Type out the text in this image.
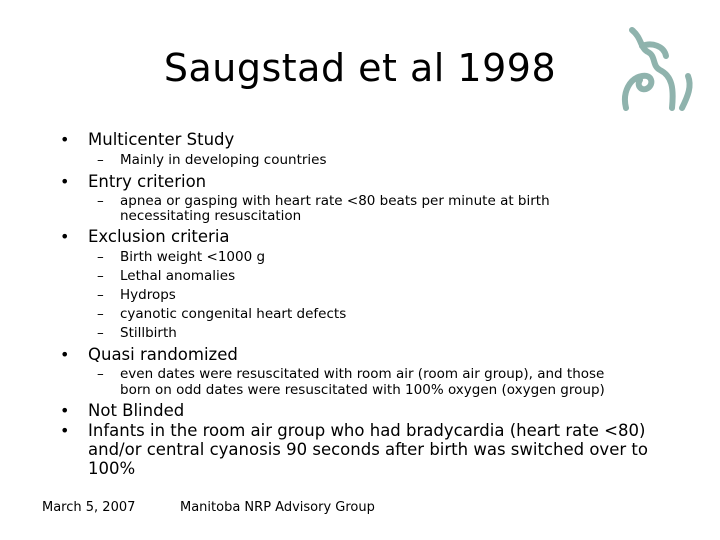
Saugstad et al 1998
• Multicenter Study
– Mainly in developing countries
• Entry criterion
– apnea or gasping with heart rate <80 beats per minute at birth
necessitating resuscitation
• Exclusion criteria
– Birth weight <1000 g
– Lethal anomalies
– Hydrops
– cyanotic congenital heart defects
– Stillbirth
• Quasi randomized
– even dates were resuscitated with room air (room air group), and those
born on odd dates were resuscitated with 100% oxygen (oxygen group)
• Not Blinded
• Infants in the room air group who had bradycardia (heart rate <80)
and/or central cyanosis 90 seconds after birth was switched over to
100%
March 5, 2007	Manitoba NRP Advisory Group
